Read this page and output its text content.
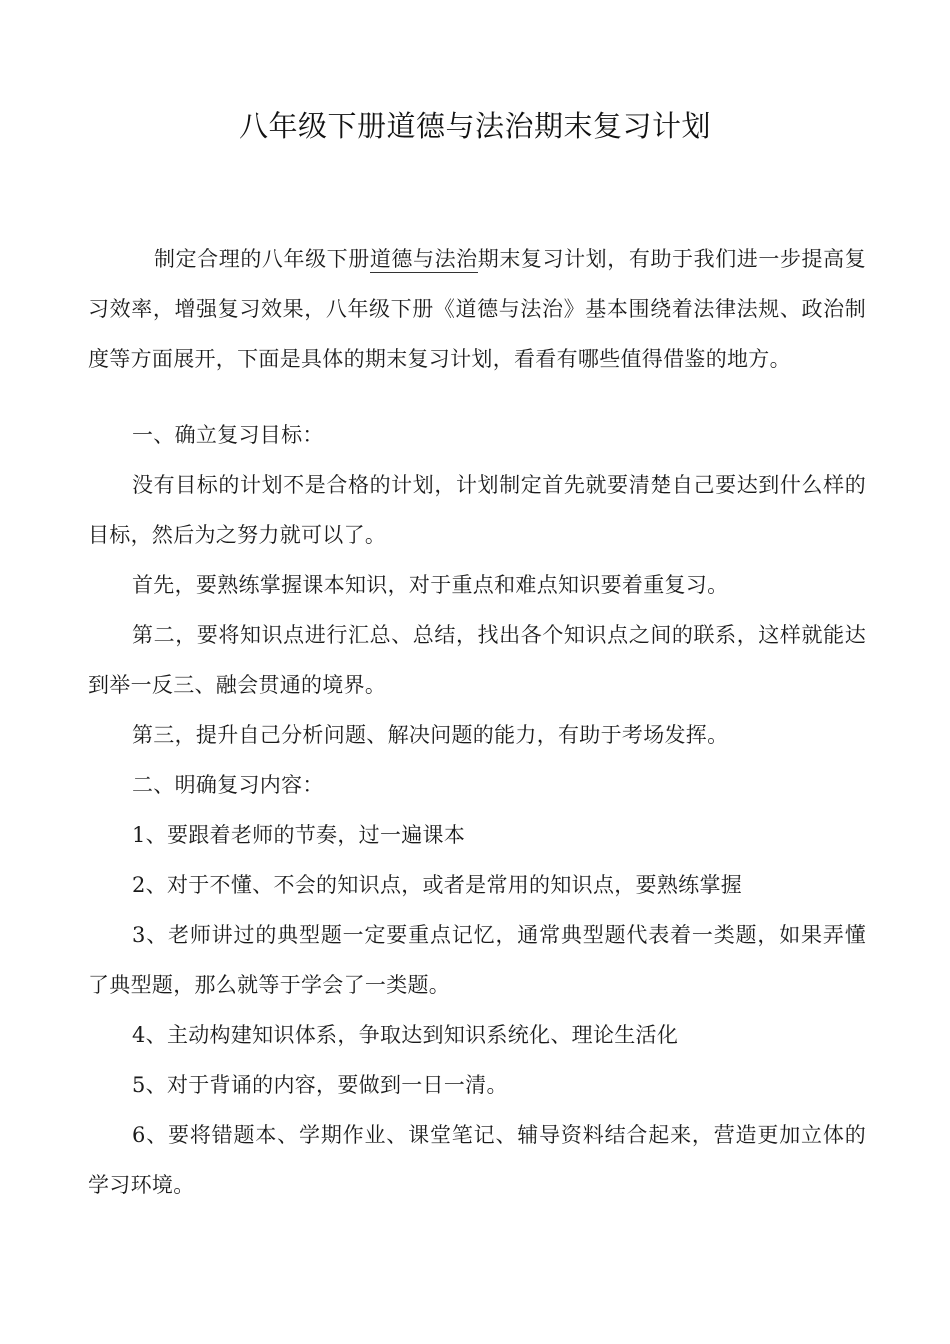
八年级下册道德与法治期末复习计划

制定合理的八年级下册道德与法治期末复习计划，有助于我们进一步提高复习效率，增强复习效果，八年级下册《道德与法治》基本围绕着法律法规、政治制度等方面展开，下面是具体的期末复习计划，看看有哪些值得借鉴的地方。

一、确立复习目标：

没有目标的计划不是合格的计划，计划制定首先就要清楚自己要达到什么样的目标，然后为之努力就可以了。

首先，要熟练掌握课本知识，对于重点和难点知识要着重复习。

第二，要将知识点进行汇总、总结，找出各个知识点之间的联系，这样就能达到举一反三、融会贯通的境界。

第三，提升自己分析问题、解决问题的能力，有助于考场发挥。

二、明确复习内容：

1、要跟着老师的节奏，过一遍课本

2、对于不懂、不会的知识点，或者是常用的知识点，要熟练掌握

3、老师讲过的典型题一定要重点记忆，通常典型题代表着一类题，如果弄懂了典型题，那么就等于学会了一类题。

4、主动构建知识体系，争取达到知识系统化、理论生活化

5、对于背诵的内容，要做到一日一清。

6、要将错题本、学期作业、课堂笔记、辅导资料结合起来，营造更加立体的学习环境。
